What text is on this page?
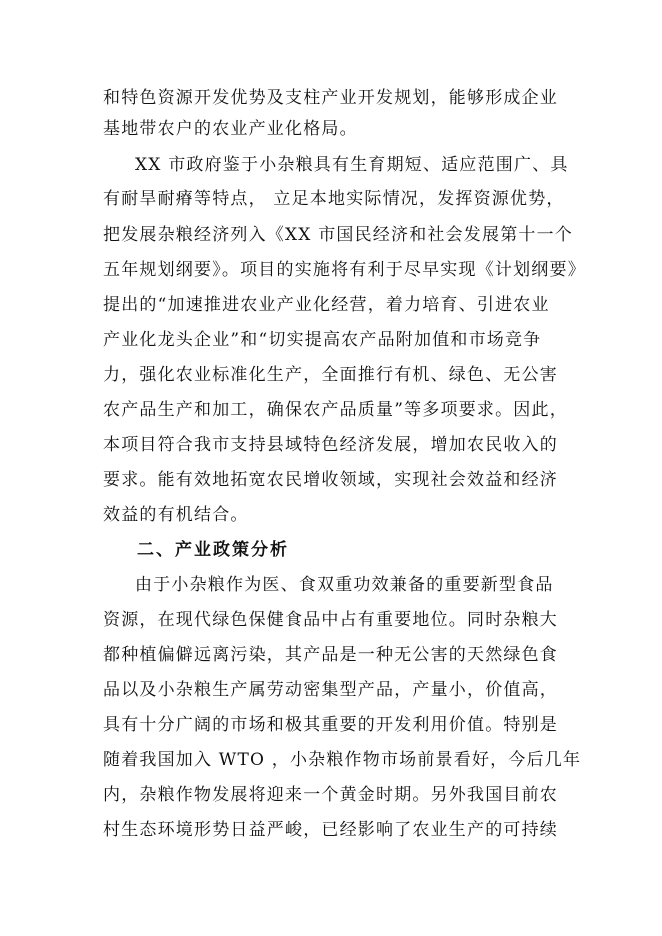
和特色资源开发优势及支柱产业开发规划，能够形成企业
基地带农户的农业产业化格局。
XX 市政府鉴于小杂粮具有生育期短、适应范围广、具
有耐旱耐瘠等特点， 立足本地实际情况，发挥资源优势，
把发展杂粮经济列入《XX 市国民经济和社会发展第十一个
五年规划纲要》。项目的实施将有利于尽早实现《计划纲要》
提出的“加速推进农业产业化经营，着力培育、引进农业
产业化龙头企业”和“切实提高农产品附加值和市场竞争
力，强化农业标准化生产，全面推行有机、绿色、无公害
农产品生产和加工，确保农产品质量”等多项要求。因此，
本项目符合我市支持县域特色经济发展，增加农民收入的
要求。能有效地拓宽农民增收领域，实现社会效益和经济
效益的有机结合。
二、产业政策分析
由于小杂粮作为医、食双重功效兼备的重要新型食品
资源，在现代绿色保健食品中占有重要地位。同时杂粮大
都种植偏僻远离污染，其产品是一种无公害的天然绿色食
品以及小杂粮生产属劳动密集型产品，产量小，价值高，
具有十分广阔的市场和极其重要的开发利用价值。特别是
随着我国加入 WTO ，小杂粮作物市场前景看好，今后几年
内，杂粮作物发展将迎来一个黄金时期。另外我国目前农
村生态环境形势日益严峻，已经影响了农业生产的可持续
